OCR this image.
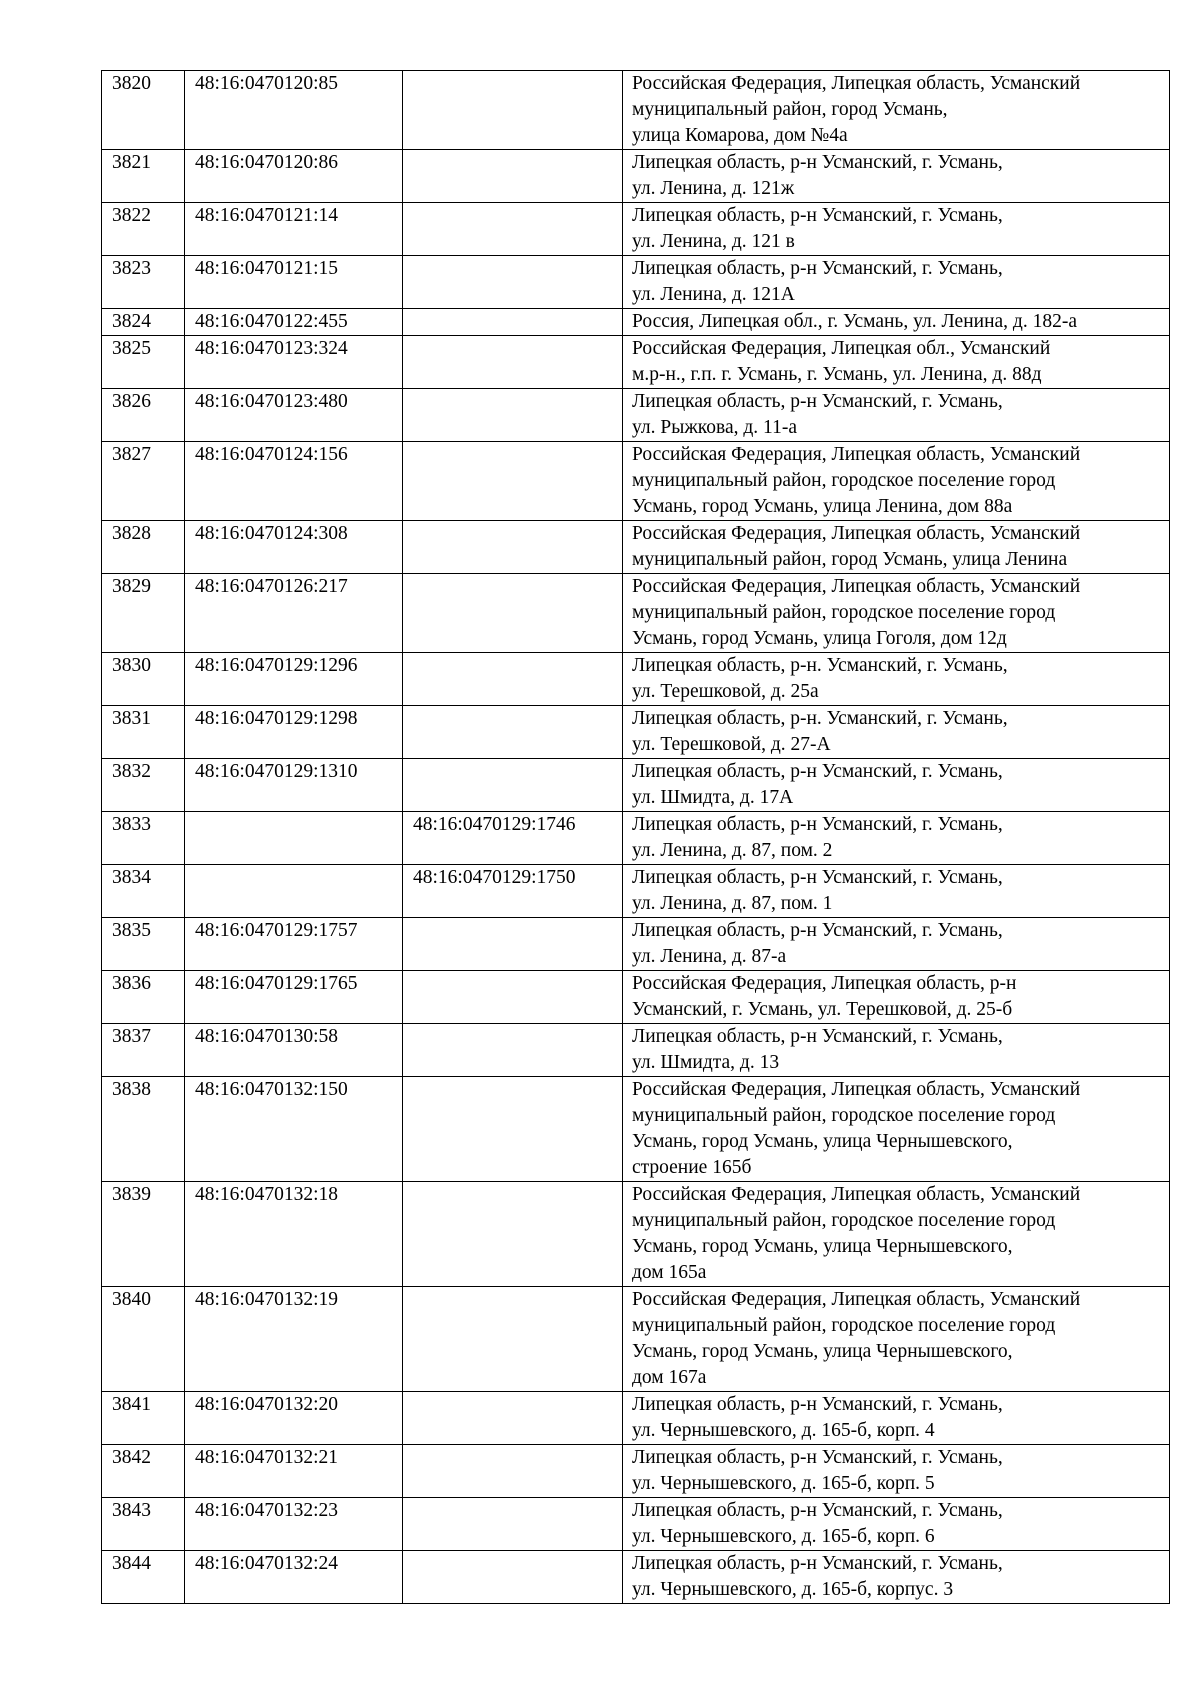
3820	48:16:0470120:85		Российская Федерация, Липецкая область, Усманский
муниципальный район, город Усмань,
улица Комарова, дом №4а

3821	48:16:0470120:86		Липецкая область, р-н Усманский, г. Усмань,
ул. Ленина, д. 121ж

3822	48:16:0470121:14		Липецкая область, р-н Усманский, г. Усмань,
ул. Ленина, д. 121 в

3823	48:16:0470121:15		Липецкая область, р-н Усманский, г. Усмань,
ул. Ленина, д. 121А

3824	48:16:0470122:455		Россия, Липецкая обл., г. Усмань, ул. Ленина, д. 182-а

3825	48:16:0470123:324		Российская Федерация, Липецкая обл., Усманский
м.р-н., г.п. г. Усмань, г. Усмань, ул. Ленина, д. 88д

3826	48:16:0470123:480		Липецкая область, р-н Усманский, г. Усмань,
ул. Рыжкова, д. 11-а

3827	48:16:0470124:156		Российская Федерация, Липецкая область, Усманский
муниципальный район, городское поселение город
Усмань, город Усмань, улица Ленина, дом 88а

3828	48:16:0470124:308		Российская Федерация, Липецкая область, Усманский
муниципальный район, город Усмань, улица Ленина

3829	48:16:0470126:217		Российская Федерация, Липецкая область, Усманский
муниципальный район, городское поселение город
Усмань, город Усмань, улица Гоголя, дом 12д

3830	48:16:0470129:1296		Липецкая область, р-н. Усманский, г. Усмань,
ул. Терешковой, д. 25а

3831	48:16:0470129:1298		Липецкая область, р-н. Усманский, г. Усмань,
ул. Терешковой, д. 27-А

3832	48:16:0470129:1310		Липецкая область, р-н Усманский, г. Усмань,
ул. Шмидта, д. 17А

3833		48:16:0470129:1746	Липецкая область, р-н Усманский, г. Усмань,
ул. Ленина, д. 87, пом. 2

3834		48:16:0470129:1750	Липецкая область, р-н Усманский, г. Усмань,
ул. Ленина, д. 87, пом. 1

3835	48:16:0470129:1757		Липецкая область, р-н Усманский, г. Усмань,
ул. Ленина, д. 87-а

3836	48:16:0470129:1765		Российская Федерация, Липецкая область, р-н
Усманский, г. Усмань, ул. Терешковой, д. 25-б

3837	48:16:0470130:58		Липецкая область, р-н Усманский, г. Усмань,
ул. Шмидта, д. 13

3838	48:16:0470132:150		Российская Федерация, Липецкая область, Усманский
муниципальный район, городское поселение город
Усмань, город Усмань, улица Чернышевского,
строение 165б

3839	48:16:0470132:18		Российская Федерация, Липецкая область, Усманский
муниципальный район, городское поселение город
Усмань, город Усмань, улица Чернышевского,
дом 165а

3840	48:16:0470132:19		Российская Федерация, Липецкая область, Усманский
муниципальный район, городское поселение город
Усмань, город Усмань, улица Чернышевского,
дом 167а

3841	48:16:0470132:20		Липецкая область, р-н Усманский, г. Усмань,
ул. Чернышевского, д. 165-б, корп. 4

3842	48:16:0470132:21		Липецкая область, р-н Усманский, г. Усмань,
ул. Чернышевского, д. 165-б, корп. 5

3843	48:16:0470132:23		Липецкая область, р-н Усманский, г. Усмань,
ул. Чернышевского, д. 165-б, корп. 6

3844	48:16:0470132:24		Липецкая область, р-н Усманский, г. Усмань,
ул. Чернышевского, д. 165-б, корпус. 3
